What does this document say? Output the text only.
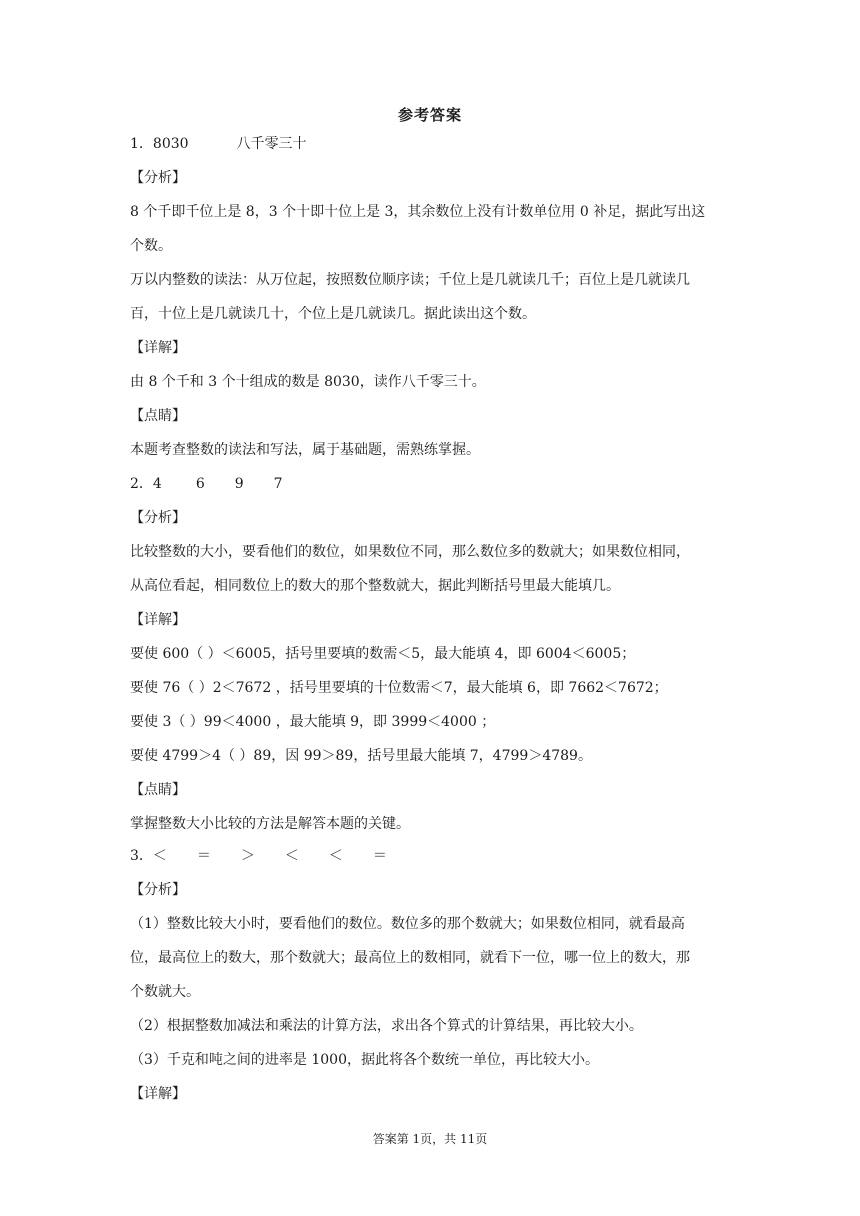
参考答案
1．8030	八千零三十
【分析】
8 个千即千位上是 8，3 个十即十位上是 3，其余数位上没有计数单位用 0 补足，据此写出这
个数。
万以内整数的读法：从万位起，按照数位顺序读；千位上是几就读几千；百位上是几就读几
百，十位上是几就读几十，个位上是几就读几。据此读出这个数。
【详解】
由 8 个千和 3 个十组成的数是 8030，读作八千零三十。
【点睛】
本题考查整数的读法和写法，属于基础题，需熟练掌握。
2．4 6 9 7
【分析】
比较整数的大小，要看他们的数位，如果数位不同，那么数位多的数就大；如果数位相同，
从高位看起，相同数位上的数大的那个整数就大，据此判断括号里最大能填几。
【详解】
要使 600（ ）＜6005，括号里要填的数需＜5，最大能填 4，即 6004＜6005；
要使 76（ ）2＜7672 ，括号里要填的十位数需＜7，最大能填 6，即 7662＜7672；
要使 3（ ）99＜4000 ，最大能填 9，即 3999＜4000 ；
要使 4799＞4（ ）89，因 99＞89，括号里最大能填 7，4799＞4789。
【点睛】
掌握整数大小比较的方法是解答本题的关键。
3．＜ ＝ ＞ ＜ ＜ ＝
【分析】
（1）整数比较大小时，要看他们的数位。数位多的那个数就大；如果数位相同，就看最高
位，最高位上的数大，那个数就大；最高位上的数相同，就看下一位，哪一位上的数大，那
个数就大。
（2）根据整数加减法和乘法的计算方法，求出各个算式的计算结果，再比较大小。
（3）千克和吨之间的进率是 1000，据此将各个数统一单位，再比较大小。
【详解】
答案第 1页，共 11页
